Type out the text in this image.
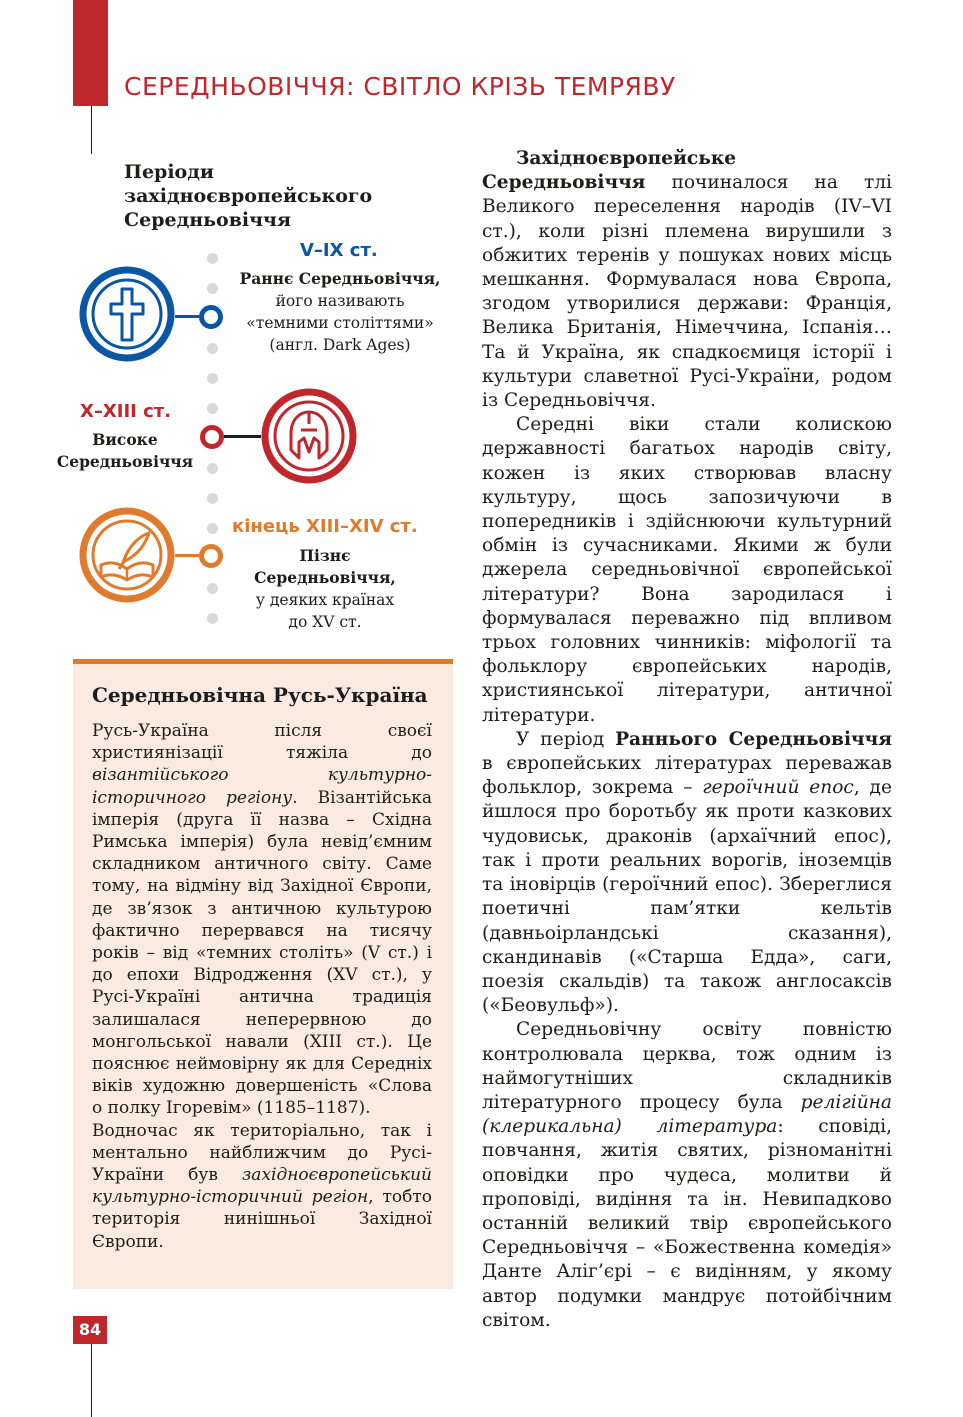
СЕРЕДНЬОВІЧЧЯ: СВІТЛО КРІЗЬ ТЕМРЯВУ
Періоди
західноєвропейського
Середньовіччя
V–IX ст.
Раннє Середньовіччя,
його називають
«темними століттями»
(англ. Dark Ages)
X–XIII ст.
Високе
Середньовіччя
кінець XIII–XIV ст.
Пізнє
Середньовіччя,
у деяких країнах
до XV ст.
Середньовічна Русь-Україна

Русь-Україна після своєї християнізації тяжіла до візантійського культурно-історичного регіону. Візантійська імперія (друга її назва – Східна Римська імперія) була невід’ємним складником античного світу. Саме тому, на відміну від Західної Європи, де зв’язок з античною культурою фактично перервався на тисячу років – від «темних століть» (V ст.) і до епохи Відродження (XV ст.), у Русі-Україні антична традиція залишалася неперервною до монгольської навали (XIII ст.). Це пояснює неймовірну як для Середніх віків художню довершеність «Слова о полку Ігоревім» (1185–1187).

Водночас як територіально, так і ментально найближчим до Русі-України був західноєвропейський культурно-історичний регіон, тобто територія нинішньої Західної Європи.

Західноєвропейське Середньовіччя починалося на тлі Великого переселення народів (IV–VI ст.), коли різні племена вирушили з обжитих теренів у пошуках нових місць мешкання. Формувалася нова Європа, згодом утворилися держави: Франція, Велика Британія, Німеччина, Іспанія… Та й Україна, як спадкоємиця історії і культури славетної Русі-України, родом із Середньовіччя.

Середні віки стали колискою державності багатьох народів світу, кожен із яких створював власну культуру, щось запозичуючи в попередників і здійснюючи культурний обмін із сучасниками. Якими ж були джерела середньовічної європейської літератури? Вона зародилася і формувалася переважно під впливом трьох головних чинників: міфології та фольклору європейських народів, християнської літератури, античної літератури.

У період Раннього Середньовіччя в європейських літературах переважав фольклор, зокрема – героїчний епос, де йшлося про боротьбу як проти казкових чудовиськ, драконів (архаїчний епос), так і проти реальних ворогів, іноземців та іновірців (героїчний епос). Збереглися поетичні пам’ятки кельтів (давньоірландські сказання), скандинавів («Старша Едда», саги, поезія скальдів) та також англосаксів («Беовульф»).

Середньовічну освіту повністю контролювала церква, тож одним із наймогутніших складників літературного процесу була релігійна (клерикальна) література: сповіді, повчання, житія святих, різноманітні оповідки про чудеса, молитви й проповіді, видіння та ін. Невипадково останній великий твір європейського Середньовіччя – «Божественна комедія» Данте Аліг’єрі – є видінням, у якому автор подумки мандрує потойбічним світом.

84
